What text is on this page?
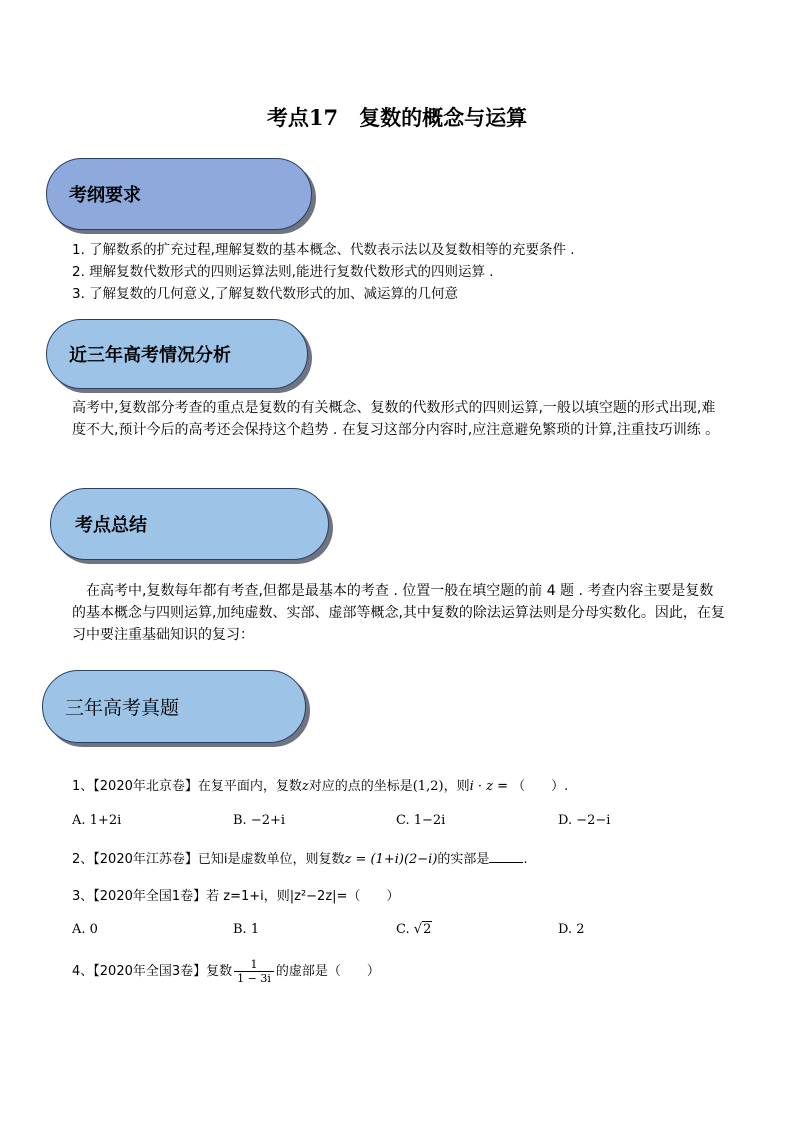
考点17　复数的概念与运算
考纲要求
1. 了解数系的扩充过程,理解复数的基本概念、代数表示法以及复数相等的充要条件 .
2. 理解复数代数形式的四则运算法则,能进行复数代数形式的四则运算 .
3. 了解复数的几何意义,了解复数代数形式的加、减运算的几何意
近三年高考情况分析
高考中,复数部分考查的重点是复数的有关概念、复数的代数形式的四则运算,一般以填空题的形式出现,难度不大,预计今后的高考还会保持这个趋势 . 在复习这部分内容时,应注意避免繁琐的计算,注重技巧训练 。
考点总结
　在高考中,复数每年都有考查,但都是最基本的考查 . 位置一般在填空题的前 4 题 . 考查内容主要是复数的基本概念与四则运算,加纯虚数、实部、虚部等概念,其中复数的除法运算法则是分母实数化。因此，在复习中要注重基础知识的复习：
三年高考真题
1、【2020年北京卷】在复平面内，复数z对应的点的坐标是(1,2)，则i · z = （　　）.
A. 1+2i	B. −2+i	C. 1−2i	D. −2−i
2、【2020年江苏卷】已知i是虚数单位，则复数z = (1+i)(2−i)的实部是	.
3、【2020年全国1卷】若 z=1+i，则|z²−2z|=（　　）
A. 0	B. 1	C. √2	D. 2
4、【2020年全国3卷】复数 $\frac{1}{1 - 3i}$ 的虚部是（　　）
